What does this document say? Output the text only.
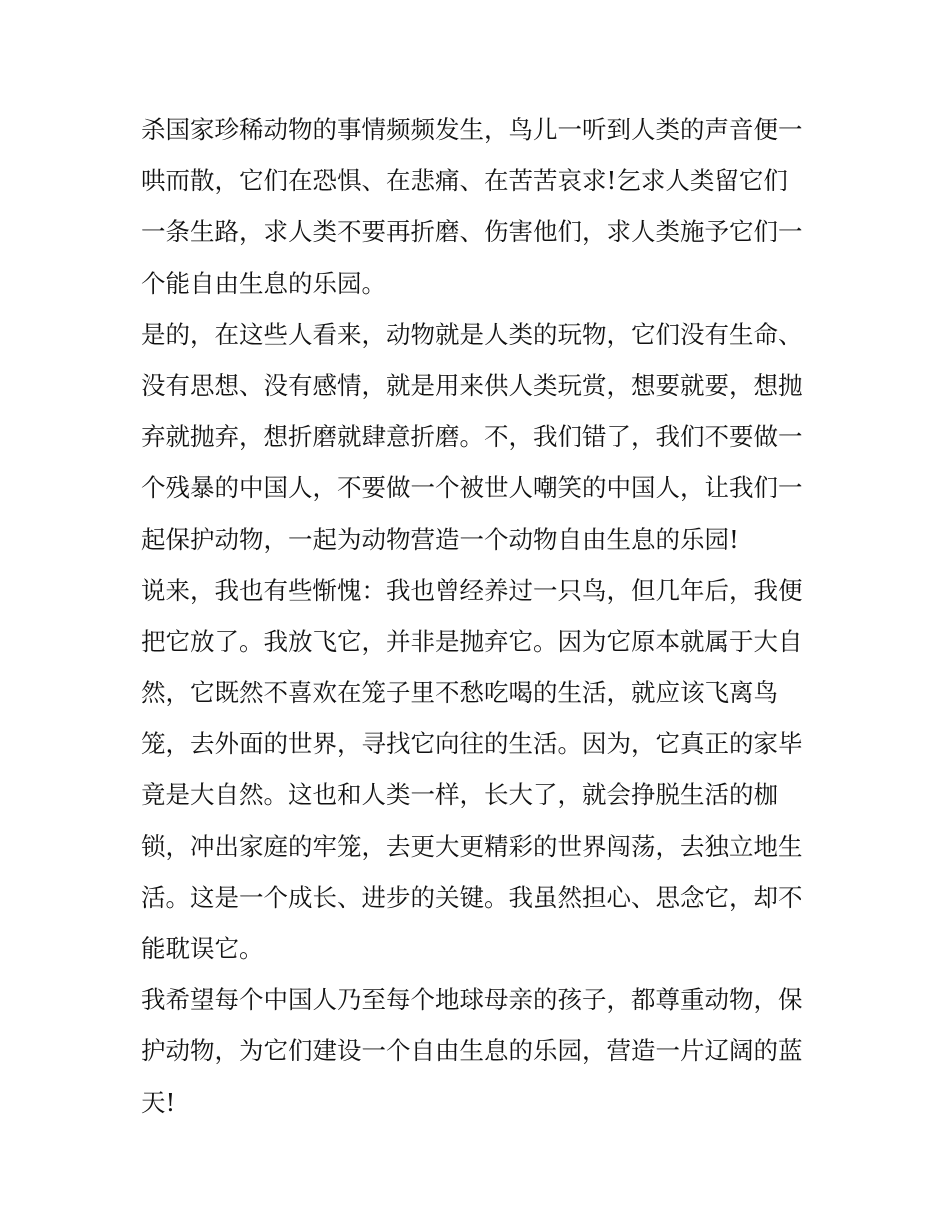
杀国家珍稀动物的事情频频发生，鸟儿一听到人类的声音便一
哄而散，它们在恐惧、在悲痛、在苦苦哀求!乞求人类留它们
一条生路，求人类不要再折磨、伤害他们，求人类施予它们一
个能自由生息的乐园。
是的，在这些人看来，动物就是人类的玩物，它们没有生命、
没有思想、没有感情，就是用来供人类玩赏，想要就要，想抛
弃就抛弃，想折磨就肆意折磨。不，我们错了，我们不要做一
个残暴的中国人，不要做一个被世人嘲笑的中国人，让我们一
起保护动物，一起为动物营造一个动物自由生息的乐园!
说来，我也有些惭愧：我也曾经养过一只鸟，但几年后，我便
把它放了。我放飞它，并非是抛弃它。因为它原本就属于大自
然，它既然不喜欢在笼子里不愁吃喝的生活，就应该飞离鸟
笼，去外面的世界，寻找它向往的生活。因为，它真正的家毕
竟是大自然。这也和人类一样，长大了，就会挣脱生活的枷
锁，冲出家庭的牢笼，去更大更精彩的世界闯荡，去独立地生
活。这是一个成长、进步的关键。我虽然担心、思念它，却不
能耽误它。
我希望每个中国人乃至每个地球母亲的孩子，都尊重动物，保
护动物，为它们建设一个自由生息的乐园，营造一片辽阔的蓝
天!
